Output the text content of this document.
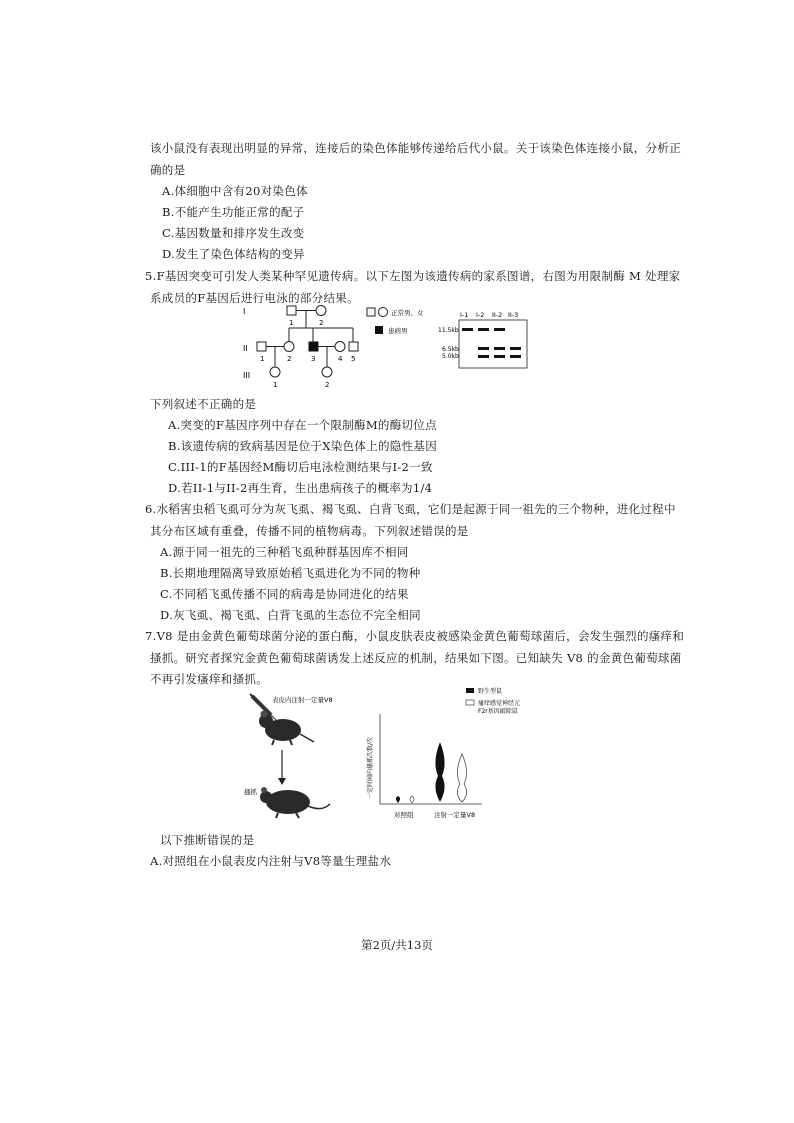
该小鼠没有表现出明显的异常，连接后的染色体能够传递给后代小鼠。关于该染色体连接小鼠，分析正
确的是
A.体细胞中含有20对染色体
B.不能产生功能正常的配子
C.基因数量和排序发生改变
D.发生了染色体结构的变异
5.F基因突变可引发人类某种罕见遗传病。以下左图为该遗传病的家系图谱，右图为用限制酶 M 处理家
系成员的F基因后进行电泳的部分结果。
I
II
III
1	2
1	2	3	4 5
1	2
正常男、女
患病男
I-1 I-2 II-2 II-3
11.5kb
6.5kb
5.0kb
下列叙述不正确的是
A.突变的F基因序列中存在一个限制酶M的酶切位点
B.该遗传病的致病基因是位于X染色体上的隐性基因
C.III-1的F基因经M酶切后电泳检测结果与I-2一致
D.若II-1与II-2再生育，生出患病孩子的概率为1/4
6.水稻害虫稻飞虱可分为灰飞虱、褐飞虱、白背飞虱，它们是起源于同一祖先的三个物种，进化过程中
其分布区域有重叠，传播不同的植物病毒。下列叙述错误的是
A.源于同一祖先的三种稻飞虱种群基因库不相同
B.长期地理隔离导致原始稻飞虱进化为不同的物种
C.不同稻飞虱传播不同的病毒是协同进化的结果
D.灰飞虱、褐飞虱、白背飞虱的生态位不完全相同
7.V8 是由金黄色葡萄球菌分泌的蛋白酶，小鼠皮肤表皮被感染金黄色葡萄球菌后，会发生强烈的瘙痒和
搔抓。研究者探究金黄色葡萄球菌诱发上述反应的机制，结果如下图。已知缺失 V8 的金黄色葡萄球菌
不再引发瘙痒和搔抓。
表皮内注射一定量V8
搔抓
野生型鼠
瘙痒感觉神经元
F2r基因敲除鼠
一定时间内搔抓次数/次
对照组	注射一定量V8
以下推断错误的是
A.对照组在小鼠表皮内注射与V8等量生理盐水
第2页/共13页
